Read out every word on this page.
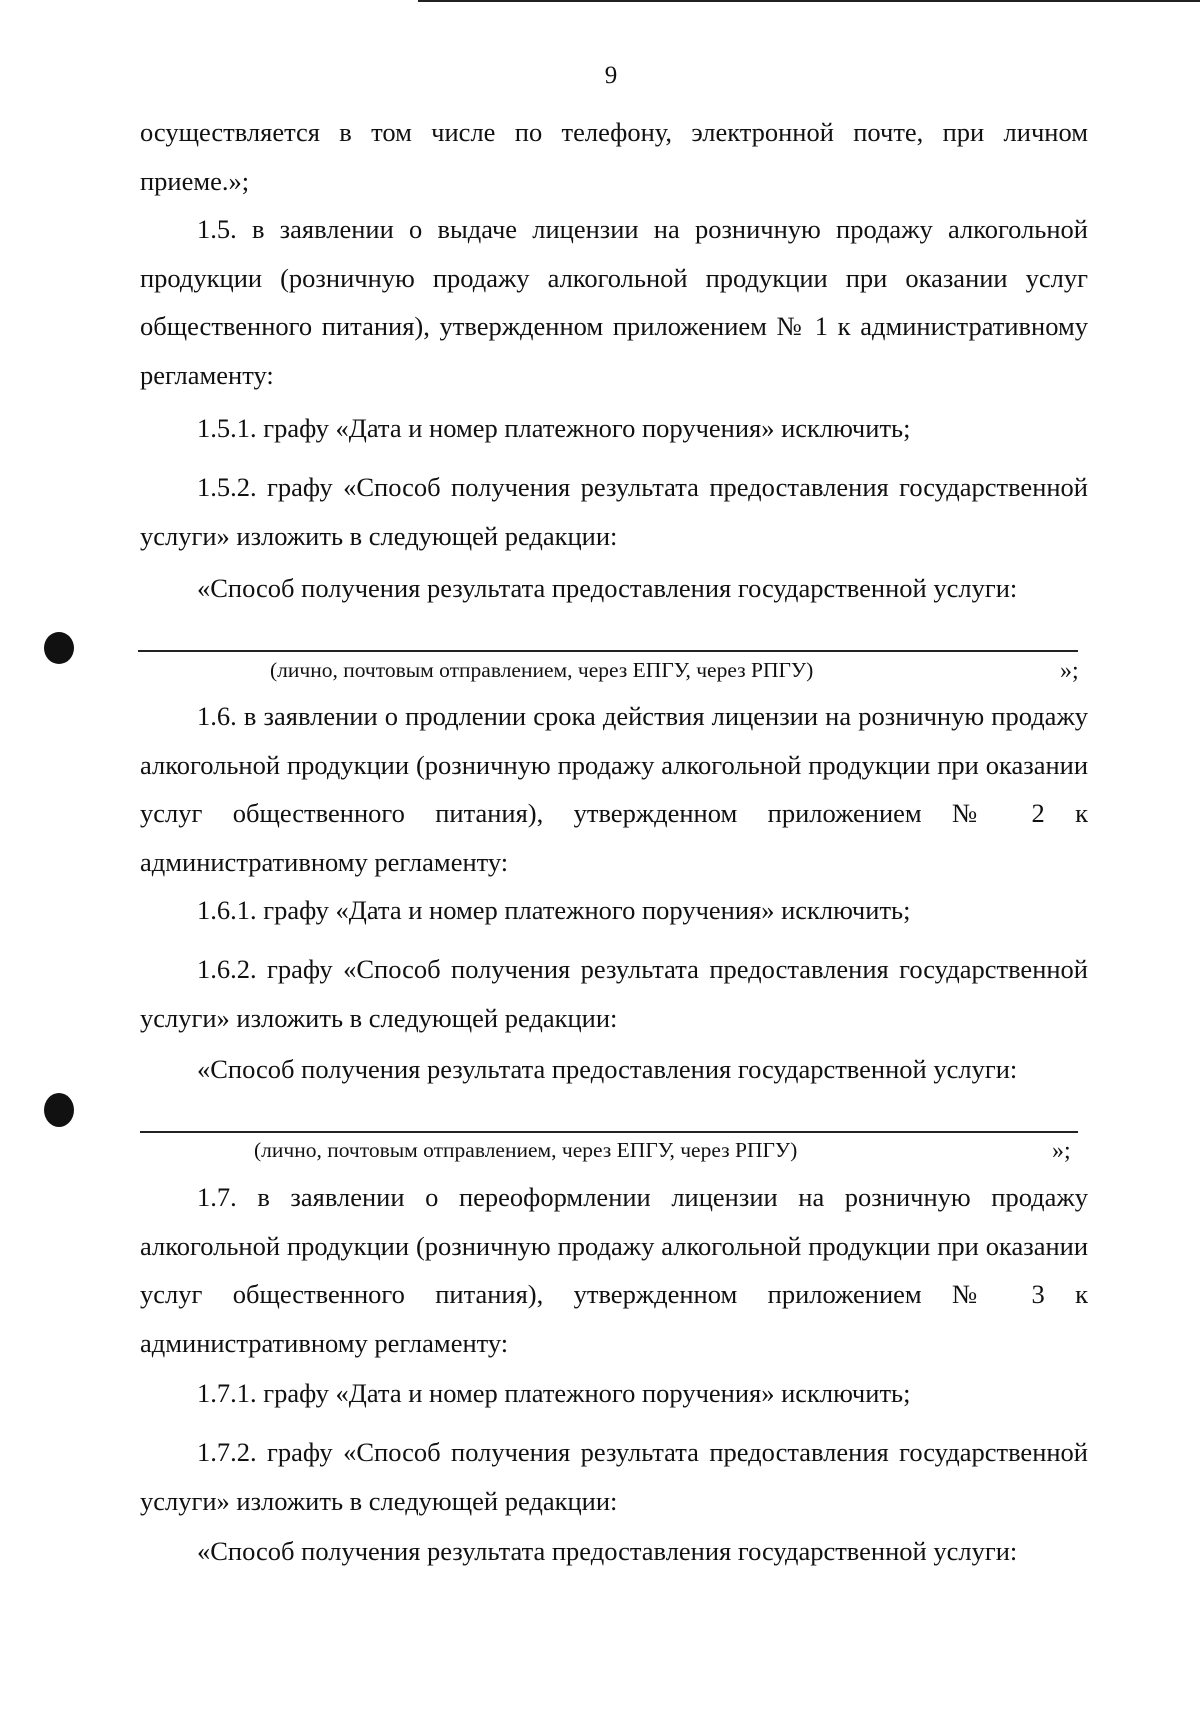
9

осуществляется в том числе по телефону, электронной почте, при личном приеме.»;

1.5. в заявлении о выдаче лицензии на розничную продажу алкогольной продукции (розничную продажу алкогольной продукции при оказании услуг общественного питания), утвержденном приложением № 1 к административному регламенту:

1.5.1. графу «Дата и номер платежного поручения» исключить;

1.5.2. графу «Способ получения результата предоставления государственной услуги» изложить в следующей редакции:

«Способ получения результата предоставления государственной услуги:

(лично, почтовым отправлением, через ЕПГУ, через РПГУ)	»;

1.6. в заявлении о продлении срока действия лицензии на розничную продажу алкогольной продукции (розничную продажу алкогольной продукции при оказании услуг общественного питания), утвержденном приложением № 2 к административному регламенту:

1.6.1. графу «Дата и номер платежного поручения» исключить;

1.6.2. графу «Способ получения результата предоставления государственной услуги» изложить в следующей редакции:

«Способ получения результата предоставления государственной услуги:

(лично, почтовым отправлением, через ЕПГУ, через РПГУ)	»;

1.7. в заявлении о переоформлении лицензии на розничную продажу алкогольной продукции (розничную продажу алкогольной продукции при оказании услуг общественного питания), утвержденном приложением № 3 к административному регламенту:

1.7.1. графу «Дата и номер платежного поручения» исключить;

1.7.2. графу «Способ получения результата предоставления государственной услуги» изложить в следующей редакции:

«Способ получения результата предоставления государственной услуги:
